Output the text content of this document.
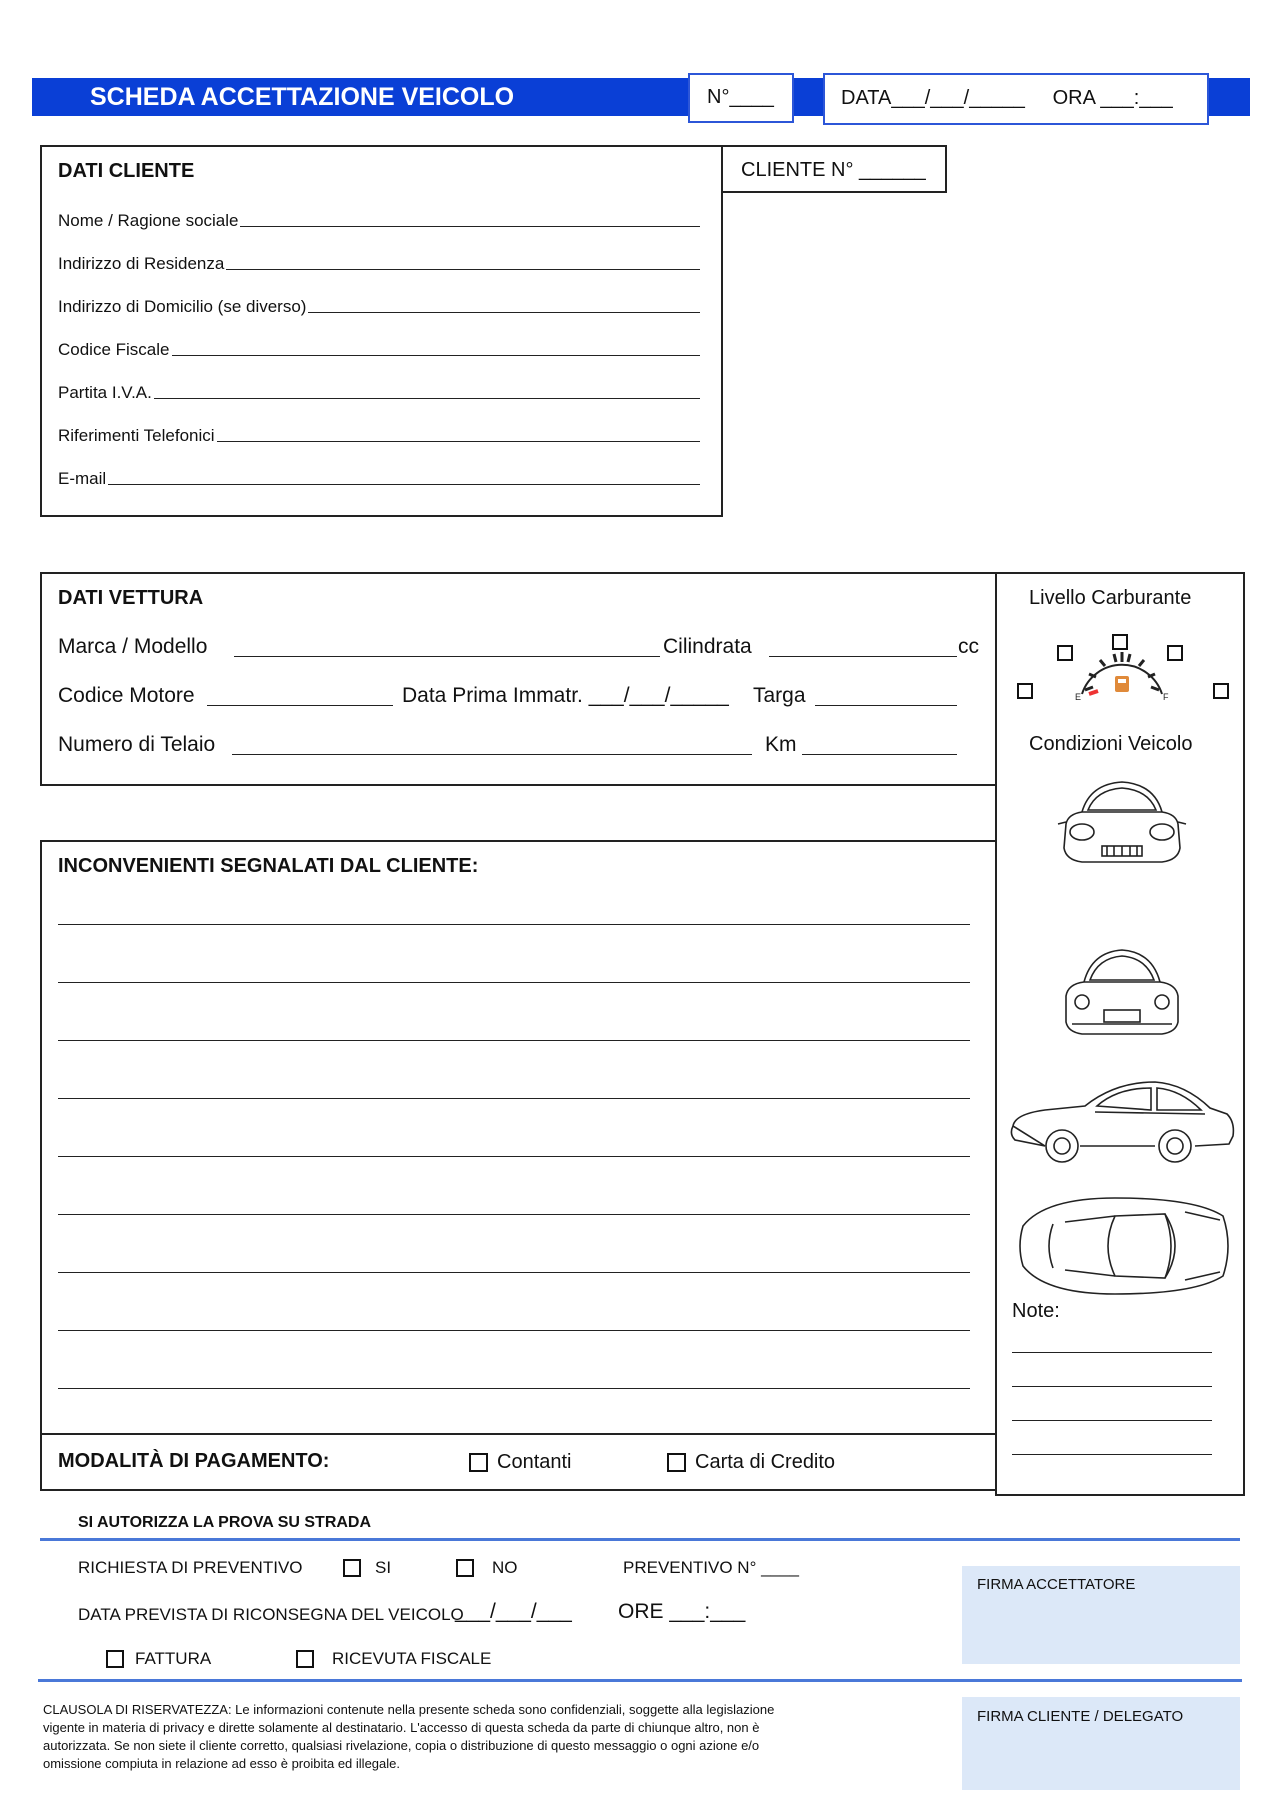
SCHEDA ACCETTAZIONE VEICOLO	N°____	DATA___/___/_____     ORA ___:___
DATI CLIENTE
Nome / Ragione sociale
Indirizzo di Residenza
Indirizzo di Domicilio (se diverso)
Codice Fiscale
Partita I.V.A.
Riferimenti Telefonici
E-mail
CLIENTE N° ______
DATI VETTURA
Marca / Modello	Cilindrata	cc
Codice Motore	Data Prima Immatr. ___/___/_____ Targa
Numero di Telaio	Km
Livello Carburante
E	F
Condizioni Veicolo
Note:
INCONVENIENTI SEGNALATI DAL CLIENTE:
MODALITÀ DI PAGAMENTO:	Contanti	Carta di Credito
SI AUTORIZZA LA PROVA SU STRADA
RICHIESTA DI PREVENTIVO	SI	NO	PREVENTIVO N° ____
DATA PREVISTA DI RICONSEGNA DEL VEICOLO
___/___/___ ORE ___:___
FATTURA	RICEVUTA FISCALE
FIRMA ACCETTATORE
FIRMA CLIENTE / DELEGATO
CLAUSOLA DI RISERVATEZZA: Le informazioni contenute nella presente scheda sono confidenziali, soggette alla legislazione vigente in materia di privacy e dirette solamente al destinatario. L'accesso di questa scheda da parte di chiunque altro, non è autorizzata. Se non siete il cliente corretto, qualsiasi rivelazione, copia o distribuzione di questo messaggio o ogni azione e/o omissione compiuta in relazione ad esso è proibita ed illegale.
